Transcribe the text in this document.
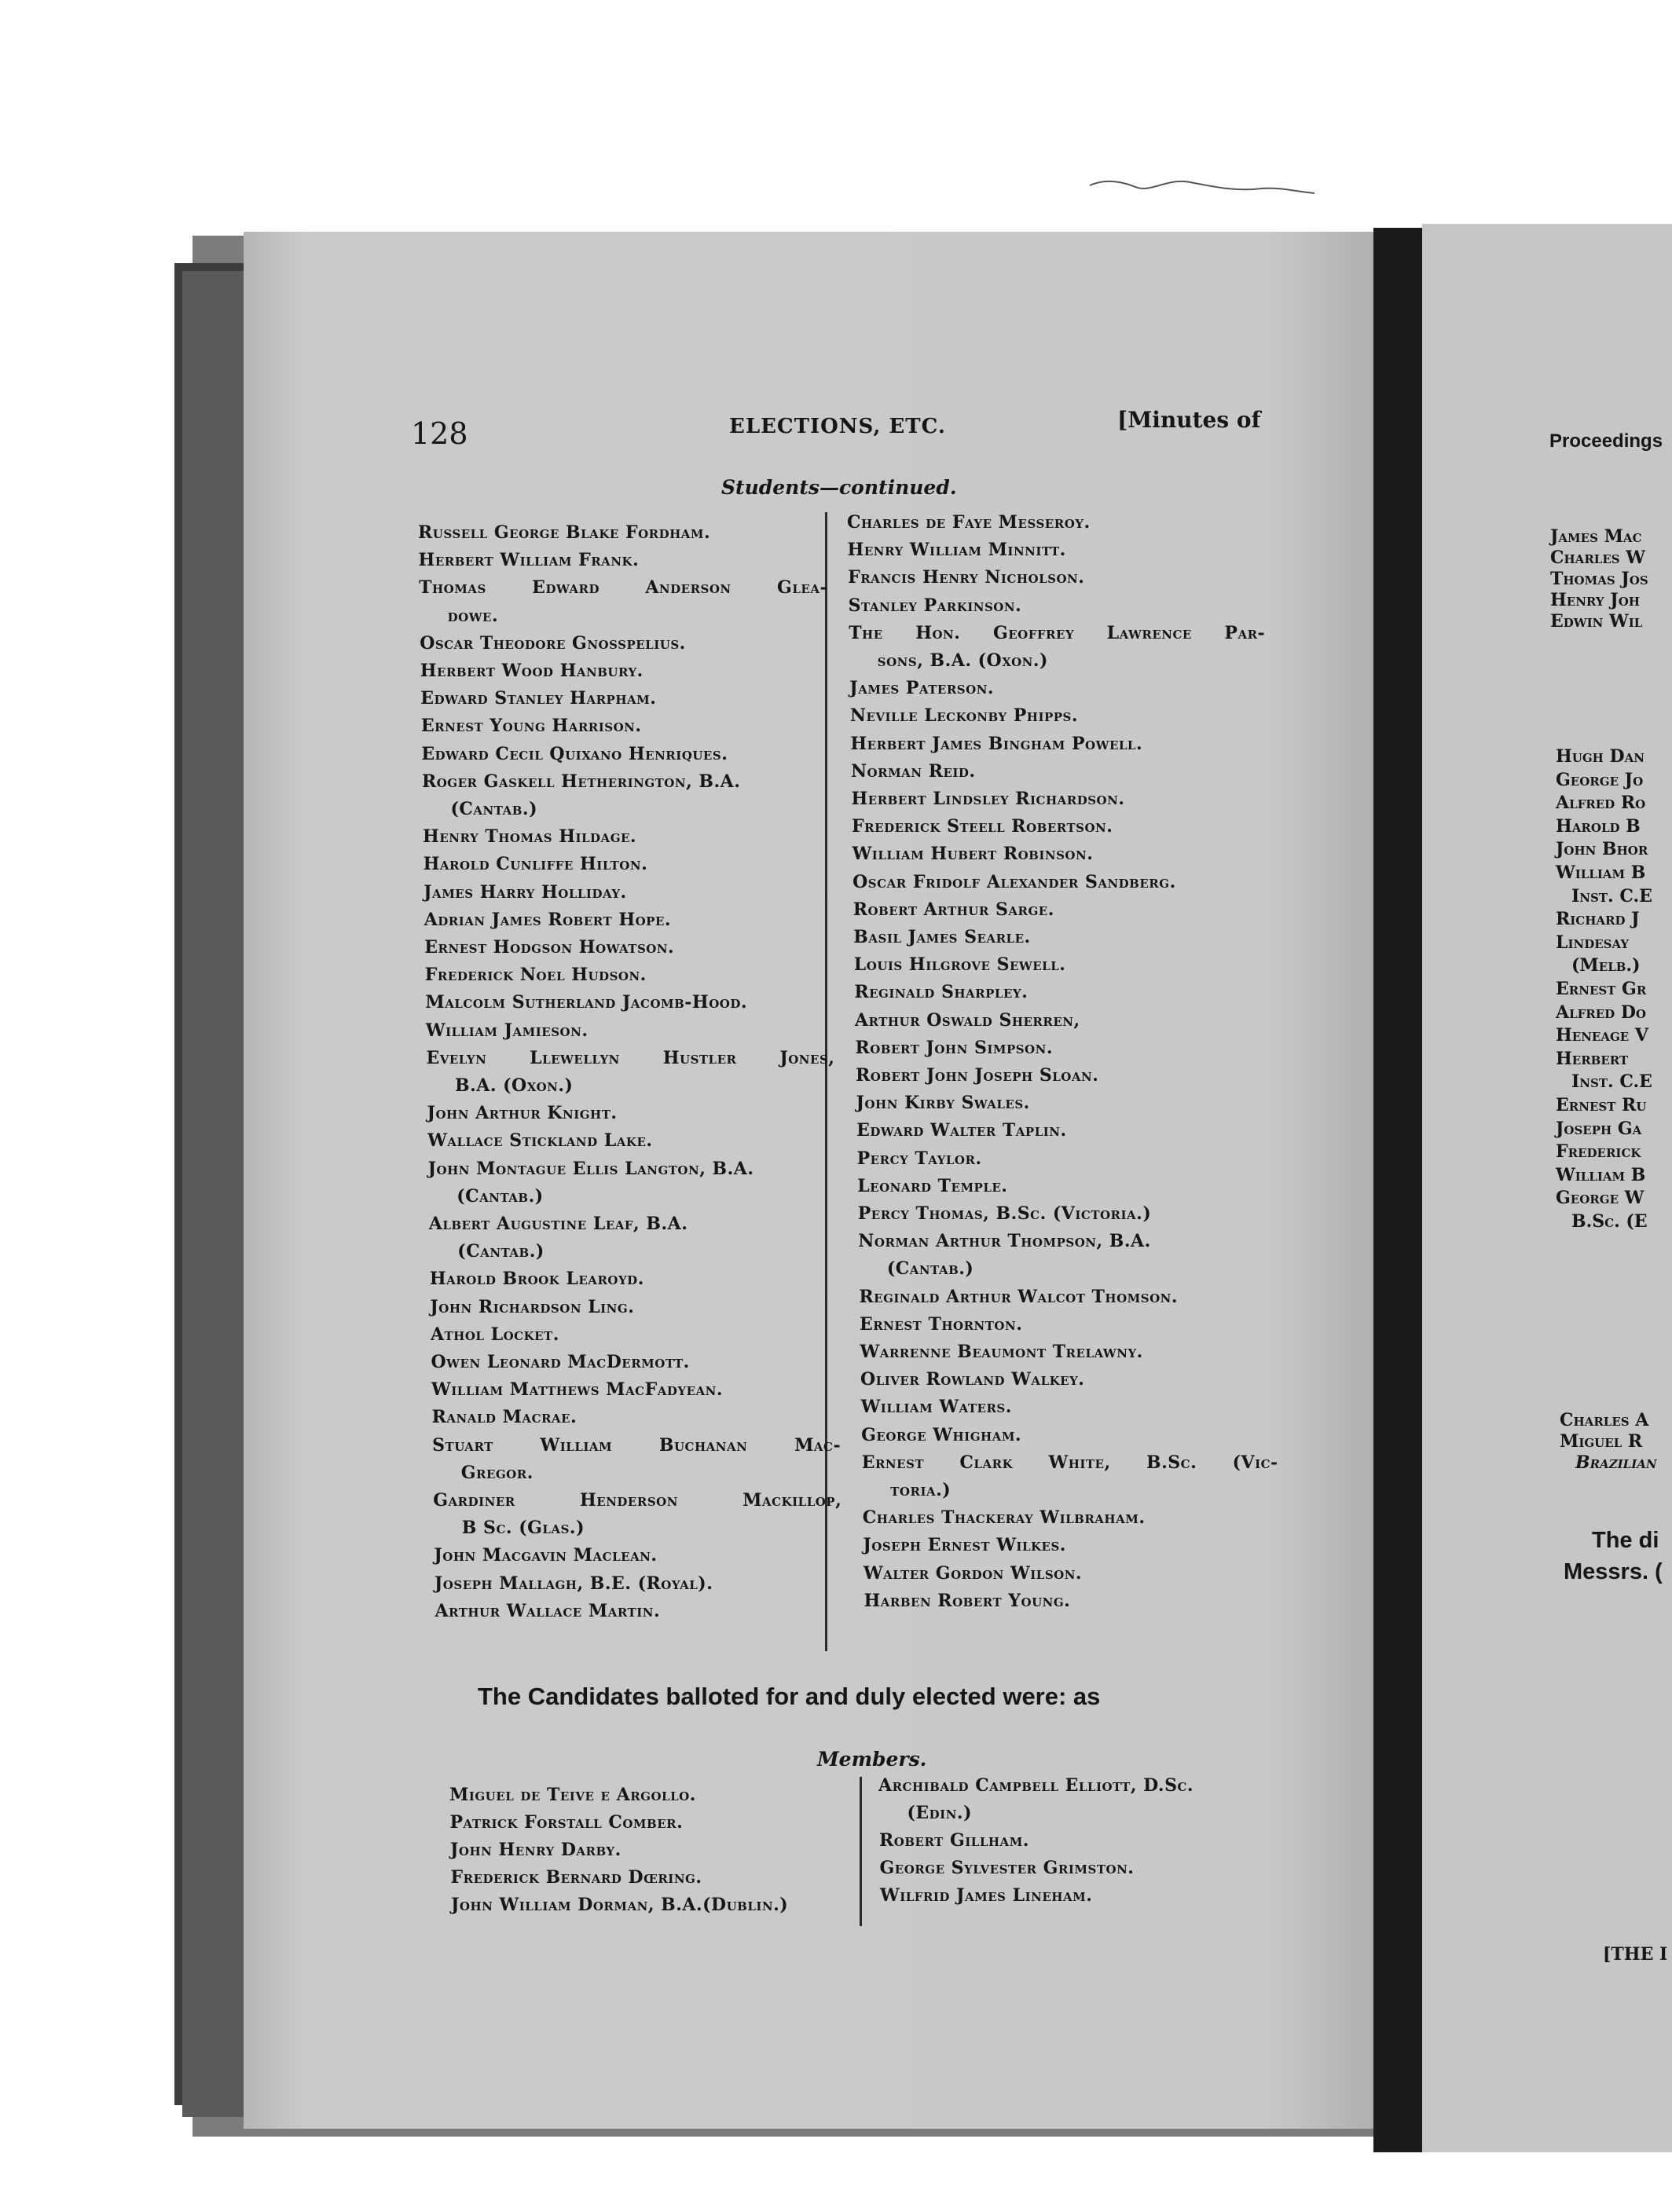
128	ELECTIONS, ETC.	[Minutes of
Students—continued.
Russell George Blake Fordham.
Herbert William Frank.
Thomas Edward Anderson Glea-
dowe.
Oscar Theodore Gnosspelius.
Herbert Wood Hanbury.
Edward Stanley Harpham.
Ernest Young Harrison.
Edward Cecil Quixano Henriques.
Roger Gaskell Hetherington, B.A.
(Cantab.)
Henry Thomas Hildage.
Harold Cunliffe Hilton.
James Harry Holliday.
Adrian James Robert Hope.
Ernest Hodgson Howatson.
Frederick Noel Hudson.
Malcolm Sutherland Jacomb-Hood.
William Jamieson.
Evelyn Llewellyn Hustler Jones,
B.A. (Oxon.)
John Arthur Knight.
Wallace Stickland Lake.
John Montague Ellis Langton, B.A.
(Cantab.)
Albert Augustine Leaf, B.A.
(Cantab.)
Harold Brook Learoyd.
John Richardson Ling.
Athol Locket.
Owen Leonard MacDermott.
William Matthews MacFadyean.
Ranald Macrae.
Stuart William Buchanan Mac-
Gregor.
Gardiner Henderson Mackillop,
B Sc. (Glas.)
John Macgavin Maclean.
Joseph Mallagh, B.E. (Royal).
Arthur Wallace Martin.
Charles de Faye Messeroy.
Henry William Minnitt.
Francis Henry Nicholson.
Stanley Parkinson.
The Hon. Geoffrey Lawrence Par-
sons, B.A. (Oxon.)
James Paterson.
Neville Leckonby Phipps.
Herbert James Bingham Powell.
Norman Reid.
Herbert Lindsley Richardson.
Frederick Steell Robertson.
William Hubert Robinson.
Oscar Fridolf Alexander Sandberg.
Robert Arthur Sarge.
Basil James Searle.
Louis Hilgrove Sewell.
Reginald Sharpley.
Arthur Oswald Sherren,
Robert John Simpson.
Robert John Joseph Sloan.
John Kirby Swales.
Edward Walter Taplin.
Percy Taylor.
Leonard Temple.
Percy Thomas, B.Sc. (Victoria.)
Norman Arthur Thompson, B.A.
(Cantab.)
Reginald Arthur Walcot Thomson.
Ernest Thornton.
Warrenne Beaumont Trelawny.
Oliver Rowland Walkey.
William Waters.
George Whigham.
Ernest Clark White, B.Sc. (Vic-
toria.)
Charles Thackeray Wilbraham.
Joseph Ernest Wilkes.
Walter Gordon Wilson.
Harben Robert Young.
The Candidates balloted for and duly elected were: as
Members.
Miguel de Teive e Argollo.
Patrick Forstall Comber.
John Henry Darby.
Frederick Bernard Dœring.
John William Dorman, B.A.(Dublin.)
Archibald Campbell Elliott, D.Sc.
(Edin.)
Robert Gillham.
George Sylvester Grimston.
Wilfrid James Lineham.
Proceedings
James Mac
Charles W
Thomas Jos
Henry Joh
Edwin Wil
Hugh Dan
George Jo
Alfred Ro
Harold B
John Bhor
William B
Inst. C.E
Richard J
Lindesay
(Melb.)
Ernest Gr
Alfred Do
Heneage V
Herbert
Inst. C.E
Ernest Ru
Joseph Ga
Frederick
William B
George W
B.Sc. (E
Charles A
Miguel R
Brazilian
The di
Messrs. (
[THE I
